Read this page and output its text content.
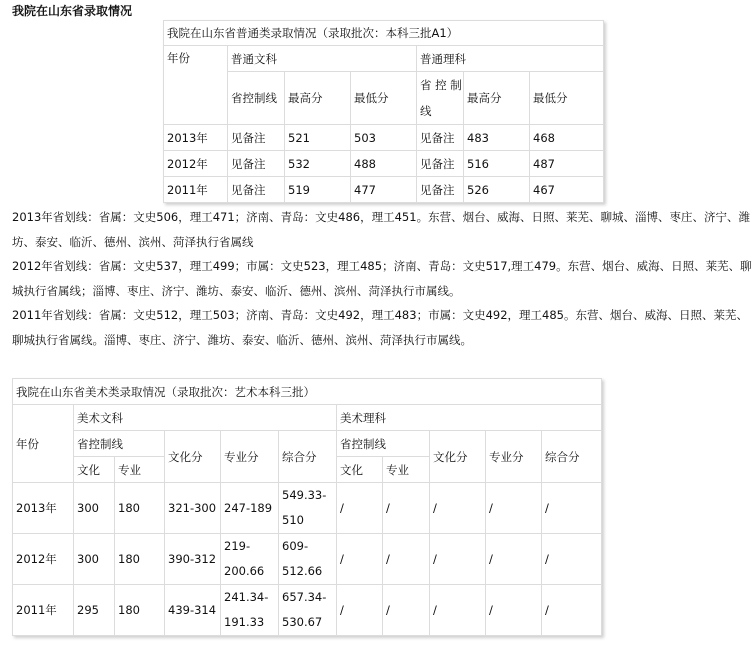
我院在山东省录取情况
我院在山东省普通类录取情况（录取批次：本科三批A1）						
年份	普通文科			普通理科		
	省控制线	最高分	最低分	省 控 制 线	最高分	最低分
2013年	见备注	521	503	见备注	483	468
2012年	见备注	532	488	见备注	516	487
2011年	见备注	519	477	见备注	526	467

2013年省划线：省属：文史506，理工471；济南、青岛：文史486，理工451。东营、烟台、威海、日照、莱芜、聊城、淄博、枣庄、济宁、潍坊、泰安、临沂、德州、滨州、菏泽执行省属线

2012年省划线：省属：文史537，理工499；市属：文史523，理工485；济南、青岛：文史517,理工479。东营、烟台、威海、日照、莱芜、聊城执行省属线；淄博、枣庄、济宁、潍坊、泰安、临沂、德州、滨州、菏泽执行市属线。

2011年省划线：省属：文史512，理工503；济南、青岛：文史492，理工483；市属：文史492，理工485。东营、烟台、威海、日照、莱芜、聊城执行省属线。淄博、枣庄、济宁、潍坊、泰安、临沂、德州、滨州、菏泽执行市属线。

我院在山东省美术类录取情况（录取批次：艺术本科三批）										
年份	美术文科					美术理科				
	省控制线		文化分	专业分	综合分	省控制线		文化分	专业分	综合分
	文化	专业				文化	专业			
2013年	300	180	321-300	247-189	549.33-510	/	/	/	/	/
2012年	300	180	390-312	219-200.66	609-512.66	/	/	/	/	/
2011年	295	180	439-314	241.34-191.33	657.34-530.67	/	/	/	/	/
